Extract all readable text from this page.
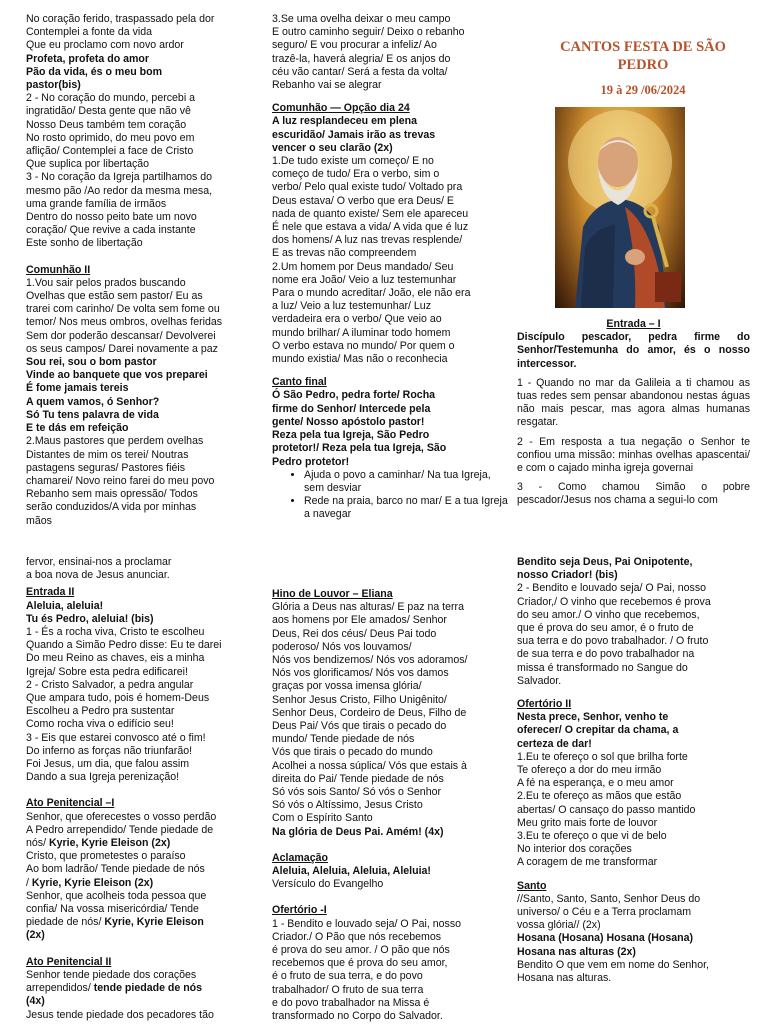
No coração ferido, traspassado pela dor

Contemplei a fonte da vida

Que eu proclamo com novo ardor

Profeta, profeta do amor

Pão da vida, és o meu bom

pastor(bis)

2 - No coração do mundo, percebi a

ingratidão/ Desta gente que não vê

Nosso Deus também tem coração

No rosto oprimido, do meu povo em

aflição/ Contemplei a face de Cristo

Que suplica por libertação

3 - No coração da Igreja partilhamos do

mesmo pão /Ao redor da mesma mesa,

uma grande família de irmãos

Dentro do nosso peito bate um novo

coração/ Que revive a cada instante

Este sonho de libertação

Comunhão II

1.Vou sair pelos prados buscando

Ovelhas que estão sem pastor/ Eu as

trarei com carinho/ De volta sem fome ou

temor/ Nos meus ombros, ovelhas feridas

Sem dor poderão descansar/ Devolverei

os seus campos/ Darei novamente a paz

Sou rei, sou o bom pastor

Vinde ao banquete que vos preparei

É fome jamais tereis

A quem vamos, ó Senhor?

Só Tu tens palavra de vida

E te dás em refeição

2.Maus pastores que perdem ovelhas

Distantes de mim os terei/ Noutras

pastagens seguras/ Pastores fiéis

chamarei/ Novo reino farei do meu povo

Rebanho sem mais opressão/ Todos

serão conduzidos/A vida por minhas

mãos

3.Se uma ovelha deixar o meu campo

E outro caminho seguir/ Deixo o rebanho

seguro/ E vou procurar a infeliz/ Ao

trazê-la, haverá alegria/ E os anjos do

céu vão cantar/ Será a festa da volta/

Rebanho vai se alegrar

Comunhão — Opção dia 24

A luz resplandeceu em plena

escuridão/ Jamais irão as trevas

vencer o seu clarão (2x)

1.De tudo existe um começo/ E no

começo de tudo/ Era o verbo, sim o

verbo/ Pelo qual existe tudo/ Voltado pra

Deus estava/ O verbo que era Deus/ E

nada de quanto existe/ Sem ele apareceu

É nele que estava a vida/ A vida que é luz

dos homens/ A luz nas trevas resplende/

E as trevas não compreendem

2.Um homem por Deus mandado/ Seu

nome era João/ Veio a luz testemunhar

Para o mundo acreditar/ João, ele não era

a luz/ Veio a luz testemunhar/ Luz

verdadeira era o verbo/ Que veio ao

mundo brilhar/ A iluminar todo homem

O verbo estava no mundo/ Por quem o

mundo existia/ Mas não o reconhecia

Canto final

Ó São Pedro, pedra forte/ Rocha

firme do Senhor/ Intercede pela

gente/ Nosso apóstolo pastor!

Reza pela tua Igreja, São Pedro

protetor!/ Reza pela tua Igreja, São

Pedro protetor!

• Ajuda o povo a caminhar/ Na tua Igreja, sem desviar
• Rede na praia, barco no mar/ E a tua Igreja a navegar
CANTOS FESTA DE SÃO
PEDRO
19 à 29 /06/2024

Entrada – I

Discípulo pescador, pedra firme do Senhor/Testemunha do amor, és o nosso intercessor.

1 - Quando no mar da Galileia a ti chamou as tuas redes sem pensar abandonou nestas águas não mais pescar, mas agora almas humanas resgatar.

2 - Em resposta a tua negação o Senhor te confiou uma missão: minhas ovelhas apascentai/ e com o cajado minha igreja governai

3 - Como chamou Simão o pobre pescador/Jesus nos chama a segui-lo com

fervor, ensinai-nos a proclamar

a boa nova de Jesus anunciar.

Entrada II

Aleluia, aleluia!

Tu és Pedro, aleluia! (bis)

1 - És a rocha viva, Cristo te escolheu

Quando a Simão Pedro disse: Eu te darei

Do meu Reino as chaves, eis a minha

Igreja/ Sobre esta pedra edificarei!

2 - Cristo Salvador, a pedra angular

Que ampara tudo, pois é homem-Deus

Escolheu a Pedro pra sustentar

Como rocha viva o edifício seu!

3 - Eis que estarei convosco até o fim!

Do inferno as forças não triunfarão!

Foi Jesus, um dia, que falou assim

Dando a sua Igreja perenização!

Ato Penitencial –I

Senhor, que oferecestes o vosso perdão

A Pedro arrependido/ Tende piedade de

nós/ Kyrie, Kyrie Eleison (2x)

Cristo, que prometestes o paraíso

Ao bom ladrão/ Tende piedade de nós

/ Kyrie, Kyrie Eleison (2x)

Senhor, que acolheis toda pessoa que

confia/ Na vossa misericórdia/ Tende

piedade de nós/ Kyrie, Kyrie Eleison

(2x)

Ato Penitencial II

Senhor tende piedade dos corações

arrependidos/ tende piedade de nós

(4x)

Jesus tende piedade dos pecadores tão

Hino de Louvor – Eliana

Glória a Deus nas alturas/ E paz na terra

aos homens por Ele amados/ Senhor

Deus, Rei dos céus/ Deus Pai todo

poderoso/ Nós vos louvamos/

Nós vos bendizemos/ Nós vos adoramos/

Nós vos glorificamos/ Nós vos damos

graças por vossa imensa glória/

Senhor Jesus Cristo, Filho Unigênito/

Senhor Deus, Cordeiro de Deus, Filho de

Deus Pai/ Vós que tirais o pecado do

mundo/ Tende piedade de nós

Vós que tirais o pecado do mundo

Acolhei a nossa súplica/ Vós que estais à

direita do Pai/ Tende piedade de nós

Só vós sois Santo/ Só vós o Senhor

Só vós o Altíssimo, Jesus Cristo

Com o Espírito Santo

Na glória de Deus Pai. Amém! (4x)

Aclamação

Aleluia, Aleluia, Aleluia, Aleluia!

Versículo do Evangelho

Ofertório -I

1 - Bendito e louvado seja/ O Pai, nosso

Criador./ O Pão que nós recebemos

é prova do seu amor. / O pão que nós

recebemos que é prova do seu amor,

é o fruto de sua terra, e do povo

trabalhador/ O fruto de sua terra

e do povo trabalhador na Missa é

transformado no Corpo do Salvador.

Bendito seja Deus, Pai Onipotente,

nosso Criador! (bis)

2 - Bendito e louvado seja/ O Pai, nosso

Criador,/ O vinho que recebemos é prova

do seu amor./ O vinho que recebemos,

que é prova do seu amor, é o fruto de

sua terra e do povo trabalhador. / O fruto

de sua terra e do povo trabalhador na

missa é transformado no Sangue do

Salvador.

Ofertório II

Nesta prece, Senhor, venho te

oferecer/ O crepitar da chama, a

certeza de dar!

1.Eu te ofereço o sol que brilha forte

Te ofereço a dor do meu irmão

A fé na esperança, e o meu amor

2.Eu te ofereço as mãos que estão

abertas/ O cansaço do passo mantido

Meu grito mais forte de louvor

3.Eu te ofereço o que vi de belo

No interior dos corações

A coragem de me transformar

Santo

//Santo, Santo, Santo, Senhor Deus do

universo/ o Céu e a Terra proclamam

vossa glória// (2x)

Hosana (Hosana) Hosana (Hosana)

Hosana nas alturas (2x)

Bendito O que vem em nome do Senhor,

Hosana nas alturas.
